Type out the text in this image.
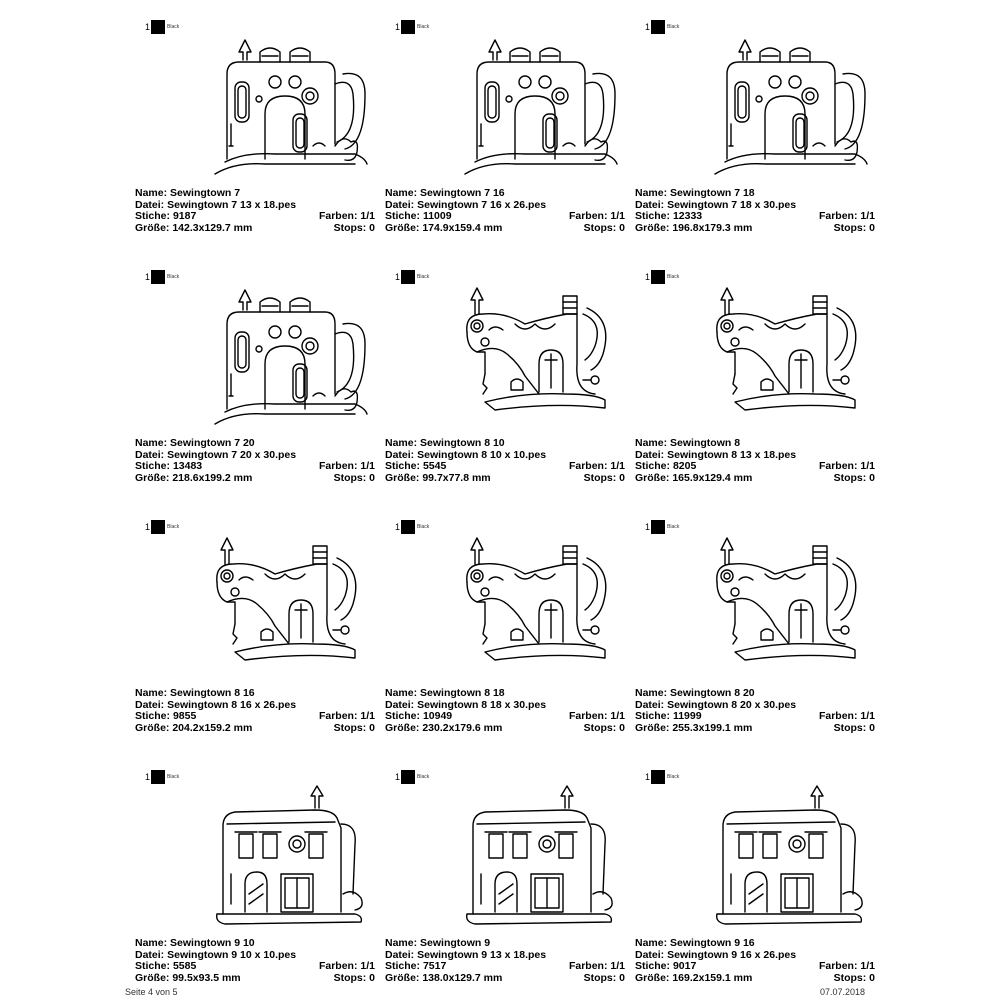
1	Black
Name: Sewingtown 7
Datei: Sewingtown 7 13 x 18.pes
Stiche: 9187	Farben: 1/1
Größe: 142.3x129.7 mm	Stops: 0
1	Black
Name: Sewingtown 7 16
Datei: Sewingtown 7 16 x 26.pes
Stiche: 11009	Farben: 1/1
Größe: 174.9x159.4 mm	Stops: 0
1	Black
Name: Sewingtown 7 18
Datei: Sewingtown 7 18 x 30.pes
Stiche: 12333	Farben: 1/1
Größe: 196.8x179.3 mm	Stops: 0
1	Black
Name: Sewingtown 7 20
Datei: Sewingtown 7 20 x 30.pes
Stiche: 13483	Farben: 1/1
Größe: 218.6x199.2 mm	Stops: 0
1	Black
Name: Sewingtown 8 10
Datei: Sewingtown 8 10 x 10.pes
Stiche: 5545	Farben: 1/1
Größe: 99.7x77.8 mm	Stops: 0
1	Black
Name: Sewingtown 8
Datei: Sewingtown 8 13 x 18.pes
Stiche: 8205	Farben: 1/1
Größe: 165.9x129.4 mm	Stops: 0
1	Black
Name: Sewingtown 8 16
Datei: Sewingtown 8 16 x 26.pes
Stiche: 9855	Farben: 1/1
Größe: 204.2x159.2 mm	Stops: 0
1	Black
Name: Sewingtown 8 18
Datei: Sewingtown 8 18 x 30.pes
Stiche: 10949	Farben: 1/1
Größe: 230.2x179.6 mm	Stops: 0
1	Black
Name: Sewingtown 8 20
Datei: Sewingtown 8 20 x 30.pes
Stiche: 11999	Farben: 1/1
Größe: 255.3x199.1 mm	Stops: 0
1	Black
Name: Sewingtown 9 10
Datei: Sewingtown 9 10 x 10.pes
Stiche: 5585	Farben: 1/1
Größe: 99.5x93.5 mm	Stops: 0
1	Black
Name: Sewingtown 9
Datei: Sewingtown 9 13 x 18.pes
Stiche: 7517	Farben: 1/1
Größe: 138.0x129.7 mm	Stops: 0
1	Black
Name: Sewingtown 9 16
Datei: Sewingtown 9 16 x 26.pes
Stiche: 9017	Farben: 1/1
Größe: 169.2x159.1 mm	Stops: 0
Seite 4 von 5	07.07.2018
